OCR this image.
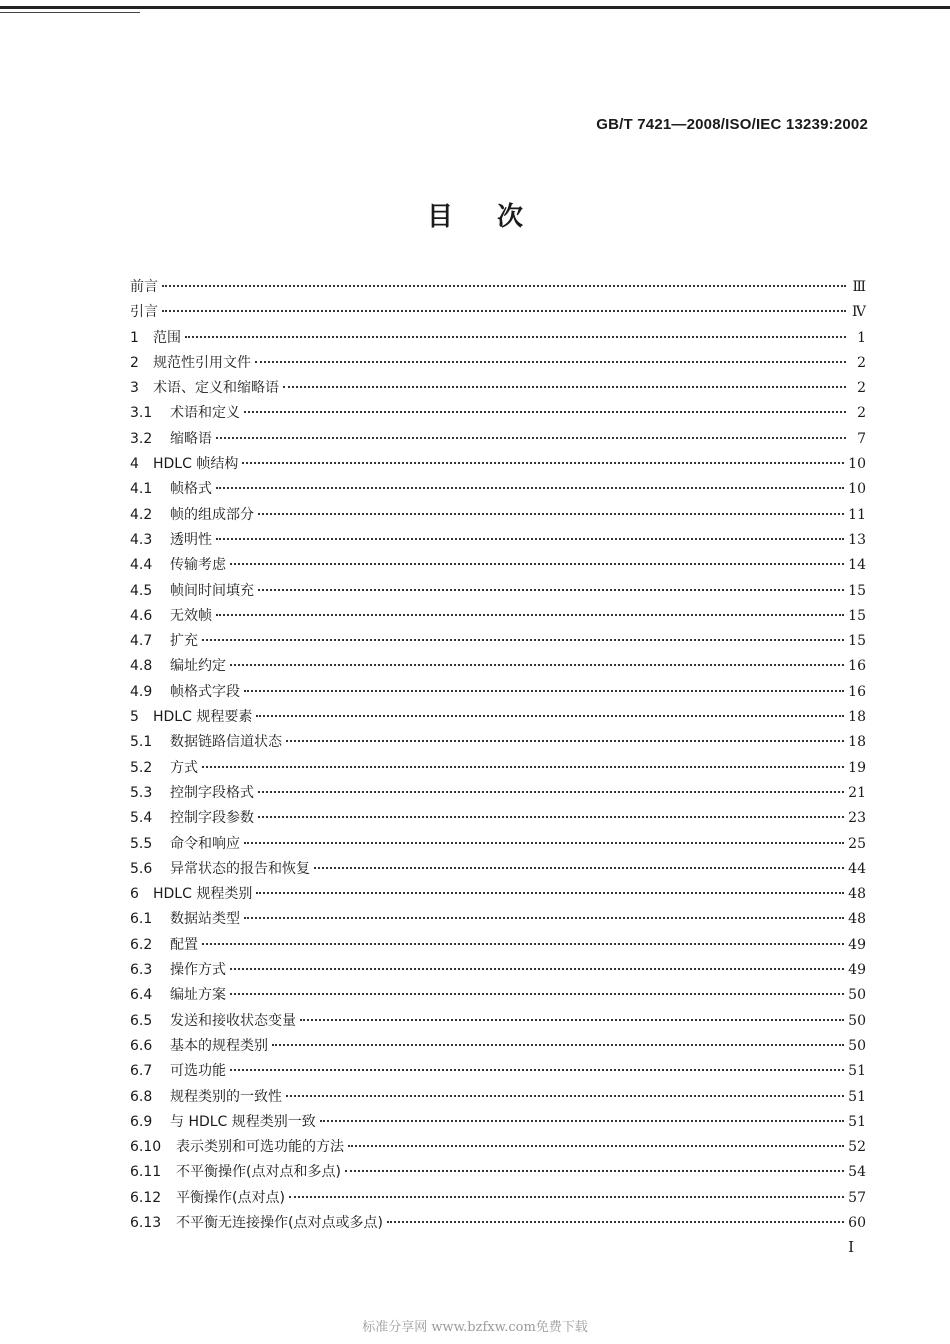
GB/T 7421—2008/ISO/IEC 13239:2002
目次
前言	Ⅲ
引言	Ⅳ
1	范围	1
2	规范性引用文件	2
3	术语、定义和缩略语	2
3.1	术语和定义	2
3.2	缩略语	7
4	HDLC 帧结构	10
4.1	帧格式	10
4.2	帧的组成部分	11
4.3	透明性	13
4.4	传输考虑	14
4.5	帧间时间填充	15
4.6	无效帧	15
4.7	扩充	15
4.8	编址约定	16
4.9	帧格式字段	16
5	HDLC 规程要素	18
5.1	数据链路信道状态	18
5.2	方式	19
5.3	控制字段格式	21
5.4	控制字段参数	23
5.5	命令和响应	25
5.6	异常状态的报告和恢复	44
6	HDLC 规程类别	48
6.1	数据站类型	48
6.2	配置	49
6.3	操作方式	49
6.4	编址方案	50
6.5	发送和接收状态变量	50
6.6	基本的规程类别	50
6.7	可选功能	51
6.8	规程类别的一致性	51
6.9	与 HDLC 规程类别一致	51
6.10	表示类别和可选功能的方法	52
6.11	不平衡操作(点对点和多点)	54
6.12	平衡操作(点对点)	57
6.13	不平衡无连接操作(点对点或多点)	60
I
标准分享网 www.bzfxw.com免费下载
